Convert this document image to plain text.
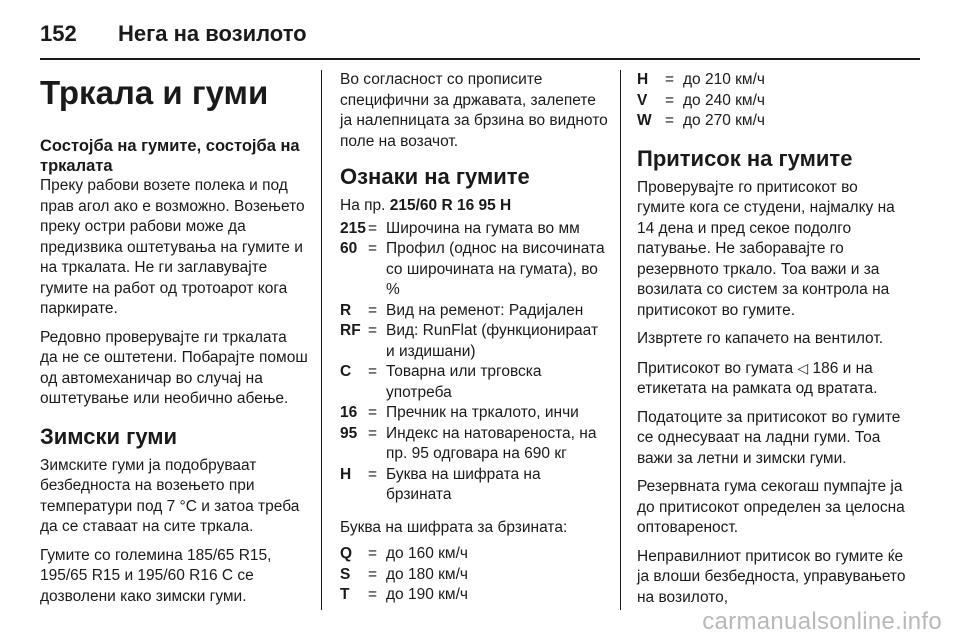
152	Нега на возилото
Тркала и гуми
Состојба на гумите, состојба на тркалата

Преку рабови возете полека и под прав агол ако е возможно. Возењето преку остри рабови може да предизвика оштетувања на гумите и на тркалата. Не ги заглавувајте гумите на работ од тротоарот кога паркирате.

Редовно проверувајте ги тркалата да не се оштетени. Побарајте помош од автомеханичар во случај на оштетување или необично абење.

Зимски гуми

Зимските гуми ја подобруваат безбедноста на возењето при температури под 7 °C и затоа треба да се ставаат на сите тркала.

Гумите со големина 185/65 R15, 195/65 R15 и 195/60 R16 C се дозволени како зимски гуми.

Во согласност со прописите специфични за државата, залепете ја налепницата за брзина во видното поле на возачот.

Ознаки на гумите

На пр. 215/60 R 16 95 H

215 = Широчина на гумата во мм
60 = Профил (однос на височината со широчината на гумата), во %
R	= Вид на ременот: Радијален
RF = Вид: RunFlat (функционираат и издишани)
C	= Товарна или трговска употреба
16 = Пречник на тркалото, инчи
95 = Индекс на натовареноста, на пр. 95 одговара на 690 кг
H	= Буква на шифрата на брзината

Буква на шифрата за брзината:

Q	= до 160 км/ч
S	= до 180 км/ч
T	= до 190 км/ч
H	= до 210 км/ч
V	= до 240 км/ч
W = до 270 км/ч
Притисок на гумите

Проверувајте го притисокот во гумите кога се студени, најмалку на 14 дена и пред секое подолго патување. Не заборавајте го резервното тркало. Тоа важи и за возилата со систем за контрола на притисокот во гумите.

Извртете го капачето на вентилот.

Притисокот во гумата ◁ 186 и на етикетата на рамката од вратата.

Податоците за притисокот во гумите се однесуваат на ладни гуми. Тоа важи за летни и зимски гуми.

Резервната гума секогаш пумпајте ја до притисокот определен за целосна оптовареност.

Неправилниот притисок во гумите ќе ја влоши безбедноста, управувањето на возилото,

carmanualsonline.info
